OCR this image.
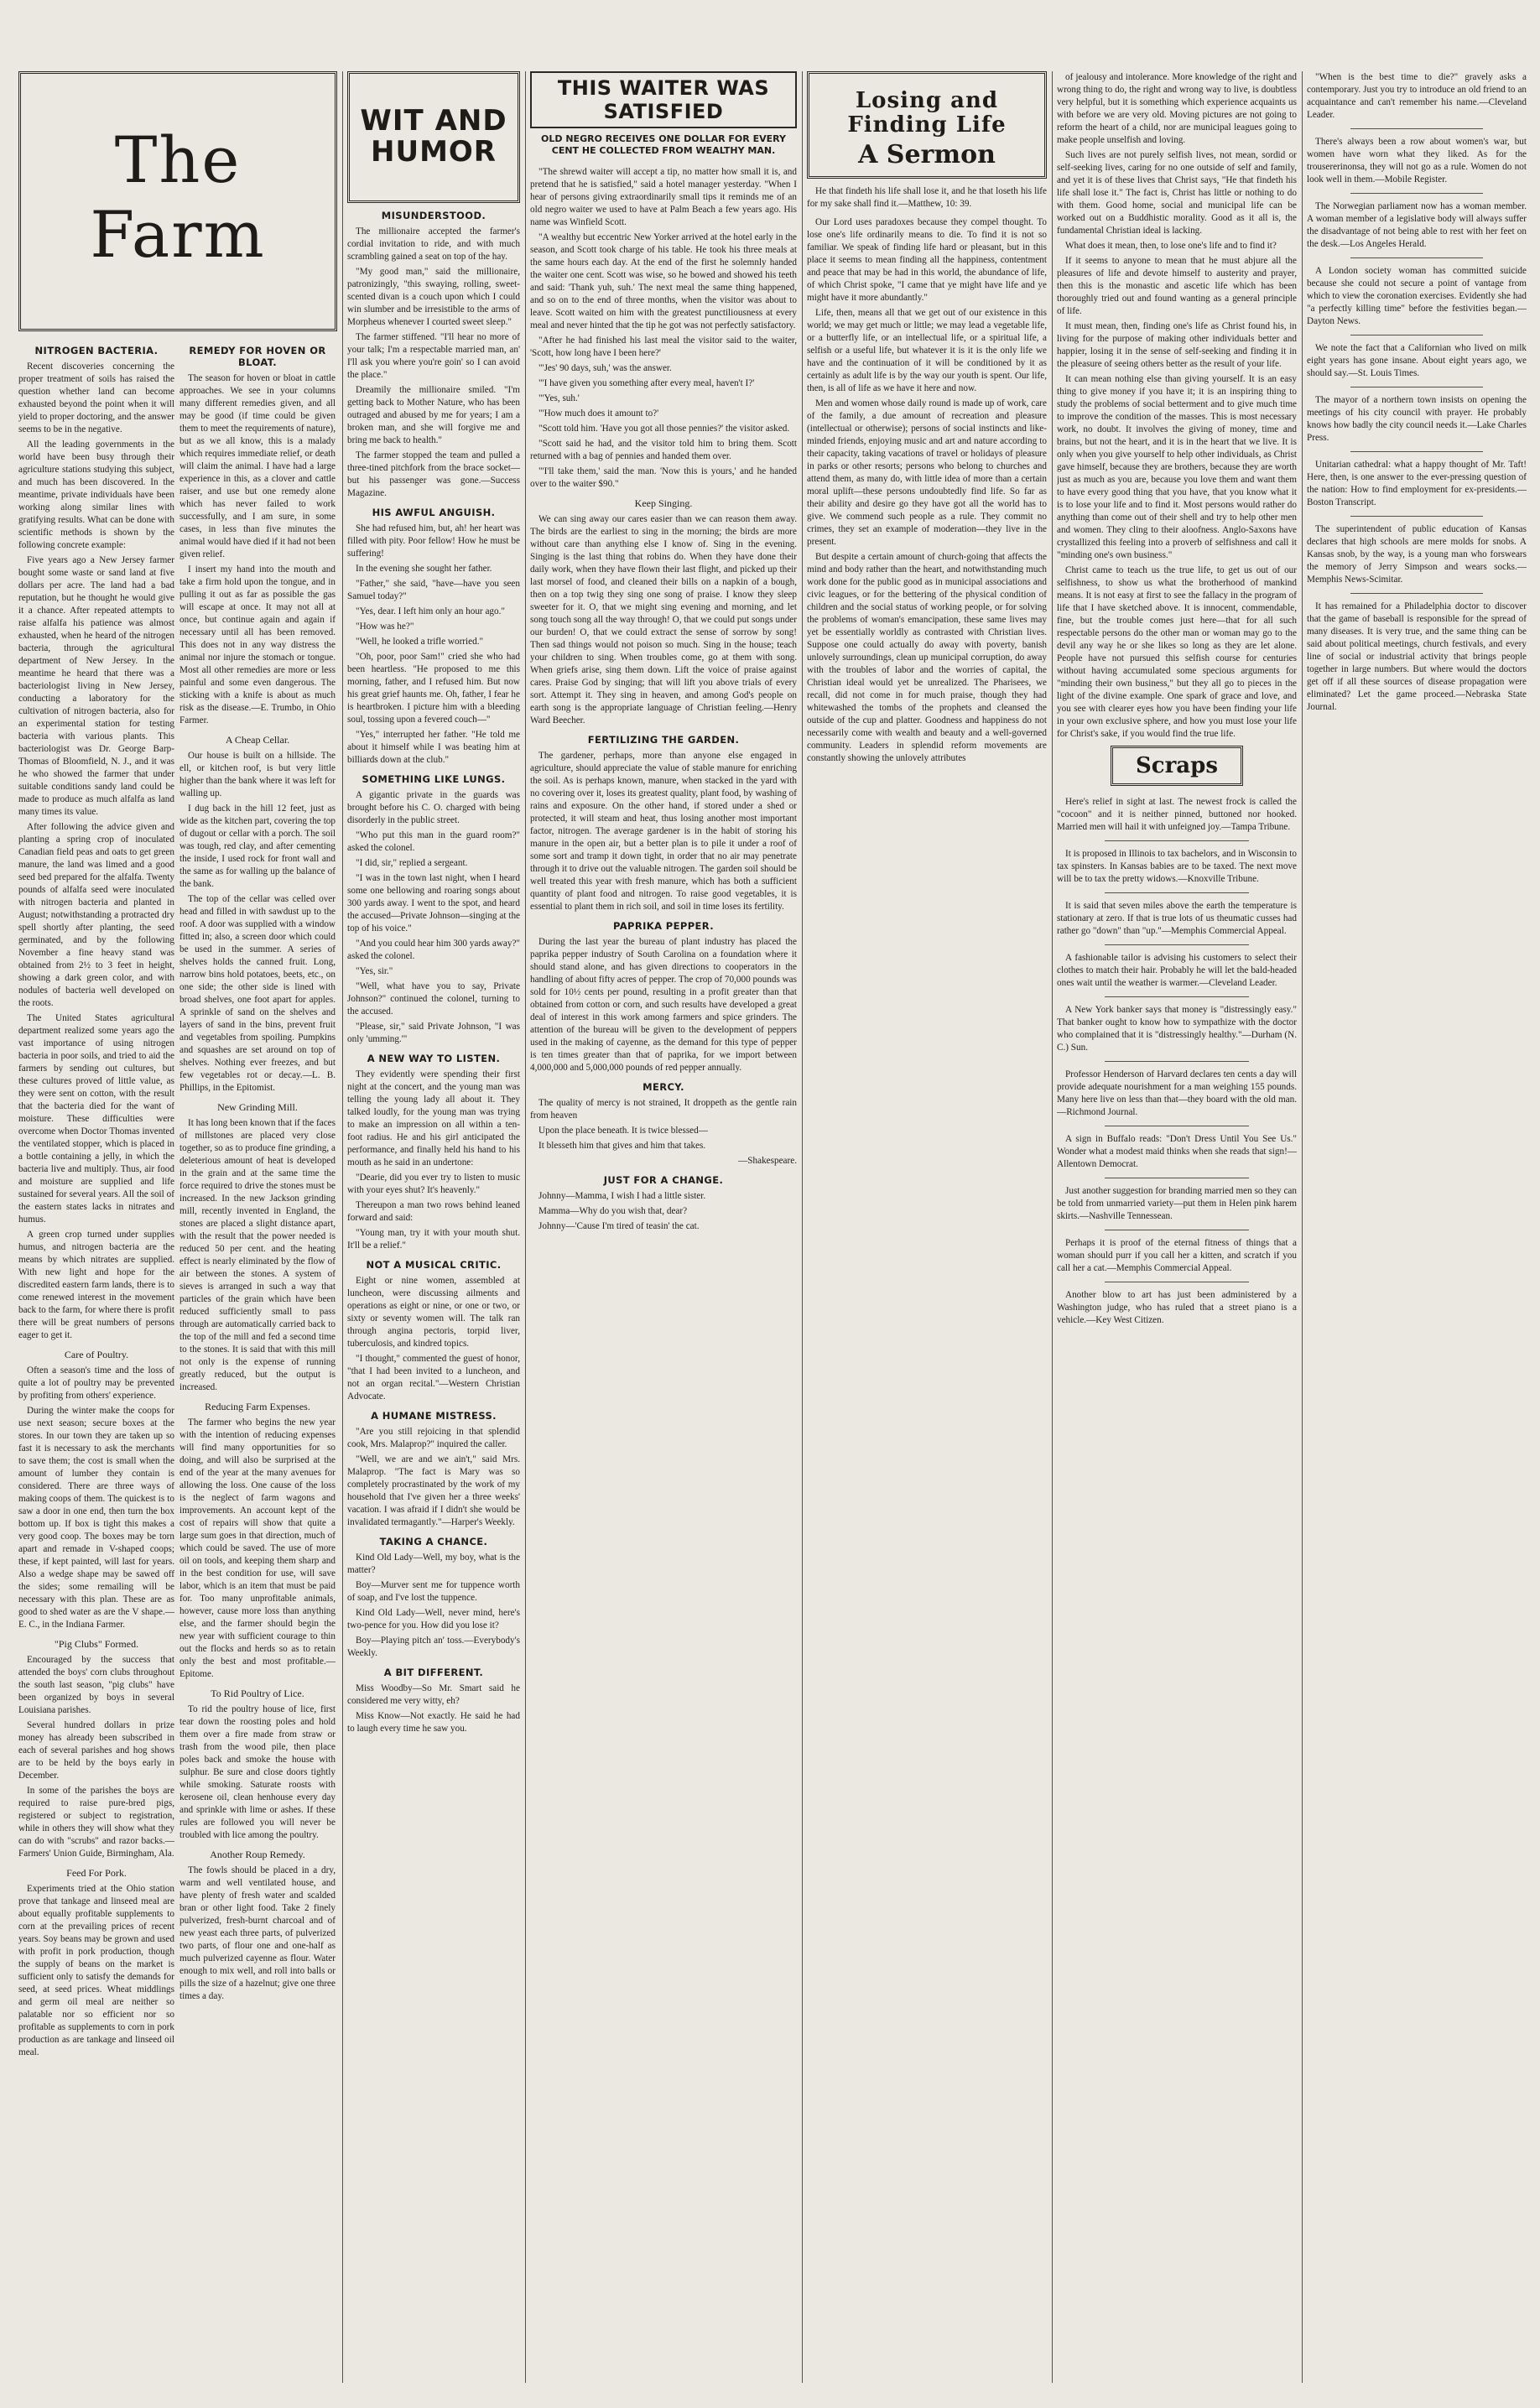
The Farm
NITROGEN BACTERIA.

Recent discoveries concerning the proper treatment of soils has raised the question whether land can become exhausted beyond the point when it will yield to proper doctoring, and the answer seems to be in the negative.

All the leading governments in the world have been busy through their agriculture stations studying this subject, and much has been discovered. In the meantime, private individuals have been working along similar lines with gratifying results. What can be done with scientific methods is shown by the following concrete example:

Five years ago a New Jersey farmer bought some waste or sand land at five dollars per acre. The land had a bad reputation, but he thought he would give it a chance. After repeated attempts to raise alfalfa his patience was almost exhausted, when he heard of the nitrogen bacteria, through the agricultural department of New Jersey. In the meantime he heard that there was a bacteriologist living in New Jersey, conducting a laboratory for the cultivation of nitrogen bacteria, also for an experimental station for testing bacteria with various plants. This bacteriologist was Dr. George Barp-Thomas of Bloomfield, N. J., and it was he who showed the farmer that under suitable conditions sandy land could be made to produce as much alfalfa as land many times its value.

After following the advice given and planting a spring crop of inoculated Canadian field peas and oats to get green manure, the land was limed and a good seed bed prepared for the alfalfa. Twenty pounds of alfalfa seed were inoculated with nitrogen bacteria and planted in August; notwithstanding a protracted dry spell shortly after planting, the seed germinated, and by the following November a fine heavy stand was obtained from 2½ to 3 feet in height, showing a dark green color, and with nodules of bacteria well developed on the roots.

The United States agricultural department realized some years ago the vast importance of using nitrogen bacteria in poor soils, and tried to aid the farmers by sending out cultures, but these cultures proved of little value, as they were sent on cotton, with the result that the bacteria died for the want of moisture. These difficulties were overcome when Doctor Thomas invented the ventilated stopper, which is placed in a bottle containing a jelly, in which the bacteria live and multiply. Thus, air food and moisture are supplied and life sustained for several years. All the soil of the eastern states lacks in nitrates and humus.

A green crop turned under supplies humus, and nitrogen bacteria are the means by which nitrates are supplied. With new light and hope for the discredited eastern farm lands, there is to come renewed interest in the movement back to the farm, for where there is profit there will be great numbers of persons eager to get it.

Care of Poultry.

Often a season's time and the loss of quite a lot of poultry may be prevented by profiting from others' experience.

During the winter make the coops for use next season; secure boxes at the stores. In our town they are taken up so fast it is necessary to ask the merchants to save them; the cost is small when the amount of lumber they contain is considered. There are three ways of making coops of them. The quickest is to saw a door in one end, then turn the box bottom up. If box is tight this makes a very good coop. The boxes may be torn apart and remade in V-shaped coops; these, if kept painted, will last for years. Also a wedge shape may be sawed off the sides; some remailing will be necessary with this plan. These are as good to shed water as are the V shape.—E. C., in the Indiana Farmer.

"Pig Clubs" Formed.

Encouraged by the success that attended the boys' corn clubs throughout the south last season, "pig clubs" have been organized by boys in several Louisiana parishes.

Several hundred dollars in prize money has already been subscribed in each of several parishes and hog shows are to be held by the boys early in December.

In some of the parishes the boys are required to raise pure-bred pigs, registered or subject to registration, while in others they will show what they can do with "scrubs" and razor backs.—Farmers' Union Guide, Birmingham, Ala.

Feed For Pork.

Experiments tried at the Ohio station prove that tankage and linseed meal are about equally profitable supplements to corn at the prevailing prices of recent years. Soy beans may be grown and used with profit in pork production, though the supply of beans on the market is sufficient only to satisfy the demands for seed, at seed prices. Wheat middlings and germ oil meal are neither so palatable nor so efficient nor so profitable as supplements to corn in pork production as are tankage and linseed oil meal.

REMEDY FOR HOVEN OR BLOAT.

The season for hoven or bloat in cattle approaches. We see in your columns many different remedies given, and all may be good (if time could be given them to meet the requirements of nature), but as we all know, this is a malady which requires immediate relief, or death will claim the animal. I have had a large experience in this, as a clover and cattle raiser, and use but one remedy alone which has never failed to work successfully, and I am sure, in some cases, in less than five minutes the animal would have died if it had not been given relief.

I insert my hand into the mouth and take a firm hold upon the tongue, and in pulling it out as far as possible the gas will escape at once. It may not all at once, but continue again and again if necessary until all has been removed. This does not in any way distress the animal nor injure the stomach or tongue. Most all other remedies are more or less painful and some even dangerous. The sticking with a knife is about as much risk as the disease.—E. Trumbo, in Ohio Farmer.

A Cheap Cellar.

Our house is built on a hillside. The ell, or kitchen roof, is but very little higher than the bank where it was left for walling up.

I dug back in the hill 12 feet, just as wide as the kitchen part, covering the top of dugout or cellar with a porch. The soil was tough, red clay, and after cementing the inside, I used rock for front wall and the same as for walling up the balance of the bank.

The top of the cellar was celled over head and filled in with sawdust up to the roof. A door was supplied with a window fitted in; also, a screen door which could be used in the summer. A series of shelves holds the canned fruit. Long, narrow bins hold potatoes, beets, etc., on one side; the other side is lined with broad shelves, one foot apart for apples. A sprinkle of sand on the shelves and layers of sand in the bins, prevent fruit and vegetables from spoiling. Pumpkins and squashes are set around on top of shelves. Nothing ever freezes, and but few vegetables rot or decay.—L. B. Phillips, in the Epitomist.

New Grinding Mill.

It has long been known that if the faces of millstones are placed very close together, so as to produce fine grinding, a deleterious amount of heat is developed in the grain and at the same time the force required to drive the stones must be increased. In the new Jackson grinding mill, recently invented in England, the stones are placed a slight distance apart, with the result that the power needed is reduced 50 per cent. and the heating effect is nearly eliminated by the flow of air between the stones. A system of sieves is arranged in such a way that particles of the grain which have been reduced sufficiently small to pass through are automatically carried back to the top of the mill and fed a second time to the stones. It is said that with this mill not only is the expense of running greatly reduced, but the output is increased.

Reducing Farm Expenses.

The farmer who begins the new year with the intention of reducing expenses will find many opportunities for so doing, and will also be surprised at the end of the year at the many avenues for allowing the loss. One cause of the loss is the neglect of farm wagons and improvements. An account kept of the cost of repairs will show that quite a large sum goes in that direction, much of which could be saved. The use of more oil on tools, and keeping them sharp and in the best condition for use, will save labor, which is an item that must be paid for. Too many unprofitable animals, however, cause more loss than anything else, and the farmer should begin the new year with sufficient courage to thin out the flocks and herds so as to retain only the best and most profitable.—Epitome.

To Rid Poultry of Lice.

To rid the poultry house of lice, first tear down the roosting poles and hold them over a fire made from straw or trash from the wood pile, then place poles back and smoke the house with sulphur. Be sure and close doors tightly while smoking. Saturate roosts with kerosene oil, clean henhouse every day and sprinkle with lime or ashes. If these rules are followed you will never be troubled with lice among the poultry.

Another Roup Remedy.

The fowls should be placed in a dry, warm and well ventilated house, and have plenty of fresh water and scalded bran or other light food. Take 2 finely pulverized, fresh-burnt charcoal and of new yeast each three parts, of pulverized two parts, of flour one and one-half as much pulverized cayenne as flour. Water enough to mix well, and roll into balls or pills the size of a hazelnut; give one three times a day.

WIT AND HUMOR
MISUNDERSTOOD.

The millionaire accepted the farmer's cordial invitation to ride, and with much scrambling gained a seat on top of the hay.

"My good man," said the millionaire, patronizingly, "this swaying, rolling, sweet-scented divan is a couch upon which I could win slumber and be irresistible to the arms of Morpheus whenever I courted sweet sleep."

The farmer stiffened. "I'll hear no more of your talk; I'm a respectable married man, an' I'll ask you where you're goin' so I can avoid the place."

Dreamily the millionaire smiled. "I'm getting back to Mother Nature, who has been outraged and abused by me for years; I am a broken man, and she will forgive me and bring me back to health."

The farmer stopped the team and pulled a three-tined pitchfork from the brace socket—but his passenger was gone.—Success Magazine.

HIS AWFUL ANGUISH.

She had refused him, but, ah! her heart was filled with pity. Poor fellow! How he must be suffering!

In the evening she sought her father.

"Father," she said, "have—have you seen Samuel today?"

"Yes, dear. I left him only an hour ago."

"How was he?"

"Well, he looked a trifle worried."

"Oh, poor, poor Sam!" cried she who had been heartless. "He proposed to me this morning, father, and I refused him. But now his great grief haunts me. Oh, father, I fear he is heartbroken. I picture him with a bleeding soul, tossing upon a fevered couch—"

"Yes," interrupted her father. "He told me about it himself while I was beating him at billiards down at the club."

SOMETHING LIKE LUNGS.

A gigantic private in the guards was brought before his C. O. charged with being disorderly in the public street.

"Who put this man in the guard room?" asked the colonel.

"I did, sir," replied a sergeant.

"I was in the town last night, when I heard some one bellowing and roaring songs about 300 yards away. I went to the spot, and heard the accused—Private Johnson—singing at the top of his voice."

"And you could hear him 300 yards away?" asked the colonel.

"Yes, sir."

"Well, what have you to say, Private Johnson?" continued the colonel, turning to the accused.

"Please, sir," said Private Johnson, "I was only 'umming.'"

A NEW WAY TO LISTEN.

They evidently were spending their first night at the concert, and the young man was telling the young lady all about it. They talked loudly, for the young man was trying to make an impression on all within a ten-foot radius. He and his girl anticipated the performance, and finally held his hand to his mouth as he said in an undertone:

"Dearie, did you ever try to listen to music with your eyes shut? It's heavenly."

Thereupon a man two rows behind leaned forward and said:

"Young man, try it with your mouth shut. It'll be a relief."

NOT A MUSICAL CRITIC.

Eight or nine women, assembled at luncheon, were discussing ailments and operations as eight or nine, or one or two, or sixty or seventy women will. The talk ran through angina pectoris, torpid liver, tuberculosis, and kindred topics.

"I thought," commented the guest of honor, "that I had been invited to a luncheon, and not an organ recital."—Western Christian Advocate.

A HUMANE MISTRESS.

"Are you still rejoicing in that splendid cook, Mrs. Malaprop?" inquired the caller.

"Well, we are and we ain't," said Mrs. Malaprop. "The fact is Mary was so completely procrastinated by the work of my household that I've given her a three weeks' vacation. I was afraid if I didn't she would be invalidated termagantly."—Harper's Weekly.

TAKING A CHANCE.

Kind Old Lady—Well, my boy, what is the matter?

Boy—Murver sent me for tuppence worth of soap, and I've lost the tuppence.

Kind Old Lady—Well, never mind, here's two-pence for you. How did you lose it?

Boy—Playing pitch an' toss.—Everybody's Weekly.

A BIT DIFFERENT.

Miss Woodby—So Mr. Smart said he considered me very witty, eh?

Miss Know—Not exactly. He said he had to laugh every time he saw you.

THIS WAITER WAS SATISFIED
OLD NEGRO RECEIVES ONE DOLLAR FOR EVERY CENT HE COLLECTED FROM WEALTHY MAN.

"The shrewd waiter will accept a tip, no matter how small it is, and pretend that he is satisfied," said a hotel manager yesterday. "When I hear of persons giving extraordinarily small tips it reminds me of an old negro waiter we used to have at Palm Beach a few years ago. His name was Winfield Scott.

"A wealthy but eccentric New Yorker arrived at the hotel early in the season, and Scott took charge of his table. He took his three meals at the same hours each day. At the end of the first he solemnly handed the waiter one cent. Scott was wise, so he bowed and showed his teeth and said: 'Thank yuh, suh.' The next meal the same thing happened, and so on to the end of three months, when the visitor was about to leave. Scott waited on him with the greatest punctiliousness at every meal and never hinted that the tip he got was not perfectly satisfactory.

"After he had finished his last meal the visitor said to the waiter, 'Scott, how long have I been here?'

"'Jes' 90 days, suh,' was the answer.

"'I have given you something after every meal, haven't I?'

"'Yes, suh.'

"'How much does it amount to?'

"Scott told him. 'Have you got all those pennies?' the visitor asked.

"Scott said he had, and the visitor told him to bring them. Scott returned with a bag of pennies and handed them over.

"'I'll take them,' said the man. 'Now this is yours,' and he handed over to the waiter $90."

Keep Singing.

We can sing away our cares easier than we can reason them away. The birds are the earliest to sing in the morning; the birds are more without care than anything else I know of. Sing in the evening. Singing is the last thing that robins do. When they have done their daily work, when they have flown their last flight, and picked up their last morsel of food, and cleaned their bills on a napkin of a bough, then on a top twig they sing one song of praise. I know they sleep sweeter for it. O, that we might sing evening and morning, and let song touch song all the way through! O, that we could put songs under our burden! O, that we could extract the sense of sorrow by song! Then sad things would not poison so much. Sing in the house; teach your children to sing. When troubles come, go at them with song. When griefs arise, sing them down. Lift the voice of praise against cares. Praise God by singing; that will lift you above trials of every sort. Attempt it. They sing in heaven, and among God's people on earth song is the appropriate language of Christian feeling.—Henry Ward Beecher.

FERTILIZING THE GARDEN.

The gardener, perhaps, more than anyone else engaged in agriculture, should appreciate the value of stable manure for enriching the soil. As is perhaps known, manure, when stacked in the yard with no covering over it, loses its greatest quality, plant food, by washing of rains and exposure. On the other hand, if stored under a shed or protected, it will steam and heat, thus losing another most important factor, nitrogen. The average gardener is in the habit of storing his manure in the open air, but a better plan is to pile it under a roof of some sort and tramp it down tight, in order that no air may penetrate through it to drive out the valuable nitrogen. The garden soil should be well treated this year with fresh manure, which has both a sufficient quantity of plant food and nitrogen. To raise good vegetables, it is essential to plant them in rich soil, and soil in time loses its fertility.

PAPRIKA PEPPER.

During the last year the bureau of plant industry has placed the paprika pepper industry of South Carolina on a foundation where it should stand alone, and has given directions to cooperators in the handling of about fifty acres of pepper. The crop of 70,000 pounds was sold for 10½ cents per pound, resulting in a profit greater than that obtained from cotton or corn, and such results have developed a great deal of interest in this work among farmers and spice grinders. The attention of the bureau will be given to the development of peppers used in the making of cayenne, as the demand for this type of pepper is ten times greater than that of paprika, for we import between 4,000,000 and 5,000,000 pounds of red pepper annually.

MERCY.

The quality of mercy is not strained, It droppeth as the gentle rain from heaven

Upon the place beneath. It is twice blessed—

It blesseth him that gives and him that takes.

—Shakespeare.

JUST FOR A CHANGE.

Johnny—Mamma, I wish I had a little sister.

Mamma—Why do you wish that, dear?

Johnny—'Cause I'm tired of teasin' the cat.

Losing and Finding Life
A Sermon
He that findeth his life shall lose it, and he that loseth his life for my sake shall find it.—Matthew, 10: 39.

Our Lord uses paradoxes because they compel thought. To lose one's life ordinarily means to die. To find it is not so familiar. We speak of finding life hard or pleasant, but in this place it seems to mean finding all the happiness, contentment and peace that may be had in this world, the abundance of life, of which Christ spoke, "I came that ye might have life and ye might have it more abundantly."

Life, then, means all that we get out of our existence in this world; we may get much or little; we may lead a vegetable life, or a butterfly life, or an intellectual life, or a spiritual life, a selfish or a useful life, but whatever it is it is the only life we have and the continuation of it will be conditioned by it as certainly as adult life is by the way our youth is spent. Our life, then, is all of life as we have it here and now.

Men and women whose daily round is made up of work, care of the family, a due amount of recreation and pleasure (intellectual or otherwise); persons of social instincts and like-minded friends, enjoying music and art and nature according to their capacity, taking vacations of travel or holidays of pleasure in parks or other resorts; persons who belong to churches and attend them, as many do, with little idea of more than a certain moral uplift—these persons undoubtedly find life. So far as their ability and desire go they have got all the world has to give. We commend such people as a rule. They commit no crimes, they set an example of moderation—they live in the present.

But despite a certain amount of church-going that affects the mind and body rather than the heart, and notwithstanding much work done for the public good as in municipal associations and civic leagues, or for the bettering of the physical condition of children and the social status of working people, or for solving the problems of woman's emancipation, these same lives may yet be essentially worldly as contrasted with Christian lives. Suppose one could actually do away with poverty, banish unlovely surroundings, clean up municipal corruption, do away with the troubles of labor and the worries of capital, the Christian ideal would yet be unrealized. The Pharisees, we recall, did not come in for much praise, though they had whitewashed the tombs of the prophets and cleansed the outside of the cup and platter. Goodness and happiness do not necessarily come with wealth and beauty and a well-governed community. Leaders in splendid reform movements are constantly showing the unlovely attributes

of jealousy and intolerance. More knowledge of the right and wrong thing to do, the right and wrong way to live, is doubtless very helpful, but it is something which experience acquaints us with before we are very old. Moving pictures are not going to reform the heart of a child, nor are municipal leagues going to make people unselfish and loving.

Such lives are not purely selfish lives, not mean, sordid or self-seeking lives, caring for no one outside of self and family, and yet it is of these lives that Christ says, "He that findeth his life shall lose it." The fact is, Christ has little or nothing to do with them. Good home, social and municipal life can be worked out on a Buddhistic morality. Good as it all is, the fundamental Christian ideal is lacking.

What does it mean, then, to lose one's life and to find it?

If it seems to anyone to mean that he must abjure all the pleasures of life and devote himself to austerity and prayer, then this is the monastic and ascetic life which has been thoroughly tried out and found wanting as a general principle of life.

It must mean, then, finding one's life as Christ found his, in living for the purpose of making other individuals better and happier, losing it in the sense of self-seeking and finding it in the pleasure of seeing others better as the result of your life.

It can mean nothing else than giving yourself. It is an easy thing to give money if you have it; it is an inspiring thing to study the problems of social betterment and to give much time to improve the condition of the masses. This is most necessary work, no doubt. It involves the giving of money, time and brains, but not the heart, and it is in the heart that we live. It is only when you give yourself to help other individuals, as Christ gave himself, because they are brothers, because they are worth just as much as you are, because you love them and want them to have every good thing that you have, that you know what it is to lose your life and to find it. Most persons would rather do anything than come out of their shell and try to help other men and women. They cling to their aloofness. Anglo-Saxons have crystallized this feeling into a proverb of selfishness and call it "minding one's own business."

Christ came to teach us the true life, to get us out of our selfishness, to show us what the brotherhood of mankind means. It is not easy at first to see the fallacy in the program of life that I have sketched above. It is innocent, commendable, fine, but the trouble comes just here—that for all such respectable persons do the other man or woman may go to the devil any way he or she likes so long as they are let alone. People have not pursued this selfish course for centuries without having accumulated some specious arguments for "minding their own business," but they all go to pieces in the light of the divine example. One spark of grace and love, and you see with clearer eyes how you have been finding your life in your own exclusive sphere, and how you must lose your life for Christ's sake, if you would find the true life.

Scraps

Here's relief in sight at last. The newest frock is called the "cocoon" and it is neither pinned, buttoned nor hooked. Married men will hail it with unfeigned joy.—Tampa Tribune.

It is proposed in Illinois to tax bachelors, and in Wisconsin to tax spinsters. In Kansas babies are to be taxed. The next move will be to tax the pretty widows.—Knoxville Tribune.

It is said that seven miles above the earth the temperature is stationary at zero. If that is true lots of us theumatic cusses had rather go "down" than "up."—Memphis Commercial Appeal.

A fashionable tailor is advising his customers to select their clothes to match their hair. Probably he will let the bald-headed ones wait until the weather is warmer.—Cleveland Leader.

A New York banker says that money is "distressingly easy." That banker ought to know how to sympathize with the doctor who complained that it is "distressingly healthy."—Durham (N. C.) Sun.

Professor Henderson of Harvard declares ten cents a day will provide adequate nourishment for a man weighing 155 pounds. Many here live on less than that—they board with the old man.—Richmond Journal.

A sign in Buffalo reads: "Don't Dress Until You See Us." Wonder what a modest maid thinks when she reads that sign!—Allentown Democrat.

Just another suggestion for branding married men so they can be told from unmarried variety—put them in Helen pink harem skirts.—Nashville Tennessean.

Perhaps it is proof of the eternal fitness of things that a woman should purr if you call her a kitten, and scratch if you call her a cat.—Memphis Commercial Appeal.

Another blow to art has just been administered by a Washington judge, who has ruled that a street piano is a vehicle.—Key West Citizen.

"When is the best time to die?" gravely asks a contemporary. Just you try to introduce an old friend to an acquaintance and can't remember his name.—Cleveland Leader.

There's always been a row about women's war, but women have worn what they liked. As for the trousererinonsa, they will not go as a rule. Women do not look well in them.—Mobile Register.

The Norwegian parliament now has a woman member. A woman member of a legislative body will always suffer the disadvantage of not being able to rest with her feet on the desk.—Los Angeles Herald.

A London society woman has committed suicide because she could not secure a point of vantage from which to view the coronation exercises. Evidently she had "a perfectly killing time" before the festivities began.—Dayton News.

We note the fact that a Californian who lived on milk eight years has gone insane. About eight years ago, we should say.—St. Louis Times.

The mayor of a northern town insists on opening the meetings of his city council with prayer. He probably knows how badly the city council needs it.—Lake Charles Press.

Unitarian cathedral: what a happy thought of Mr. Taft! Here, then, is one answer to the ever-pressing question of the nation: How to find employment for ex-presidents.—Boston Transcript.

The superintendent of public education of Kansas declares that high schools are mere molds for snobs. A Kansas snob, by the way, is a young man who forswears the memory of Jerry Simpson and wears socks.—Memphis News-Scimitar.

It has remained for a Philadelphia doctor to discover that the game of baseball is responsible for the spread of many diseases. It is very true, and the same thing can be said about political meetings, church festivals, and every line of social or industrial activity that brings people together in large numbers. But where would the doctors get off if all these sources of disease propagation were eliminated? Let the game proceed.—Nebraska State Journal.
